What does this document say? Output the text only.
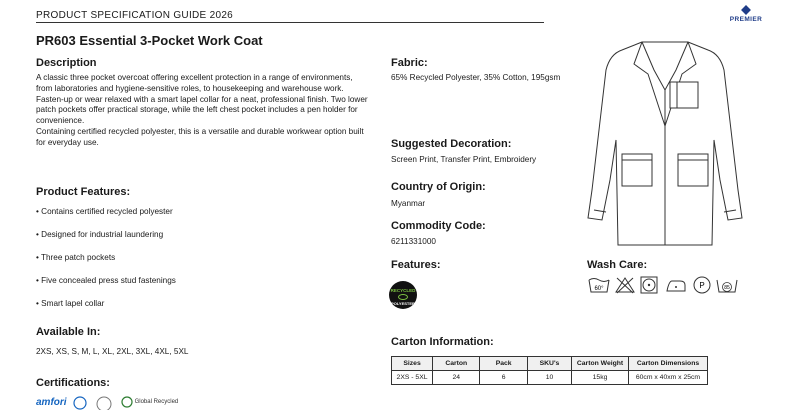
PRODUCT SPECIFICATION GUIDE 2026	PREMIER
PR603 Essential 3-Pocket Work Coat
Description
A classic three pocket overcoat offering excellent protection in a range of environments, from laboratories and hygiene-sensitive roles, to housekeeping and warehouse work.
Fasten-up or wear relaxed with a smart lapel collar for a neat, professional finish. Two lower patch pockets offer practical storage, while the left chest pocket includes a pen holder for convenience.
Containing certified recycled polyester, this is a versatile and durable workwear option built for everyday use.
Product Features:
• Contains certified recycled polyester
• Designed for industrial laundering
• Three patch pockets
• Five concealed press stud fastenings
• Smart lapel collar
Available In:
2XS, XS, S, M, L, XL, 2XL, 3XL, 4XL, 5XL
Certifications:
amfori	Global Recycled
Fabric:
65% Recycled Polyester, 35% Cotton, 195gsm
Suggested Decoration:
Screen Print, Transfer Print, Embroidery
Country of Origin:
Myanmar
Commodity Code:
6211331000
Features:
RECYCLED
POLYESTER
Carton Information:
Sizes	Carton	Pack	SKU's	Carton Weight	Carton Dimensions
2XS - 5XL	24	6	10	15kg	60cm x 40xm x 25cm
Wash Care:
60°	P	85
